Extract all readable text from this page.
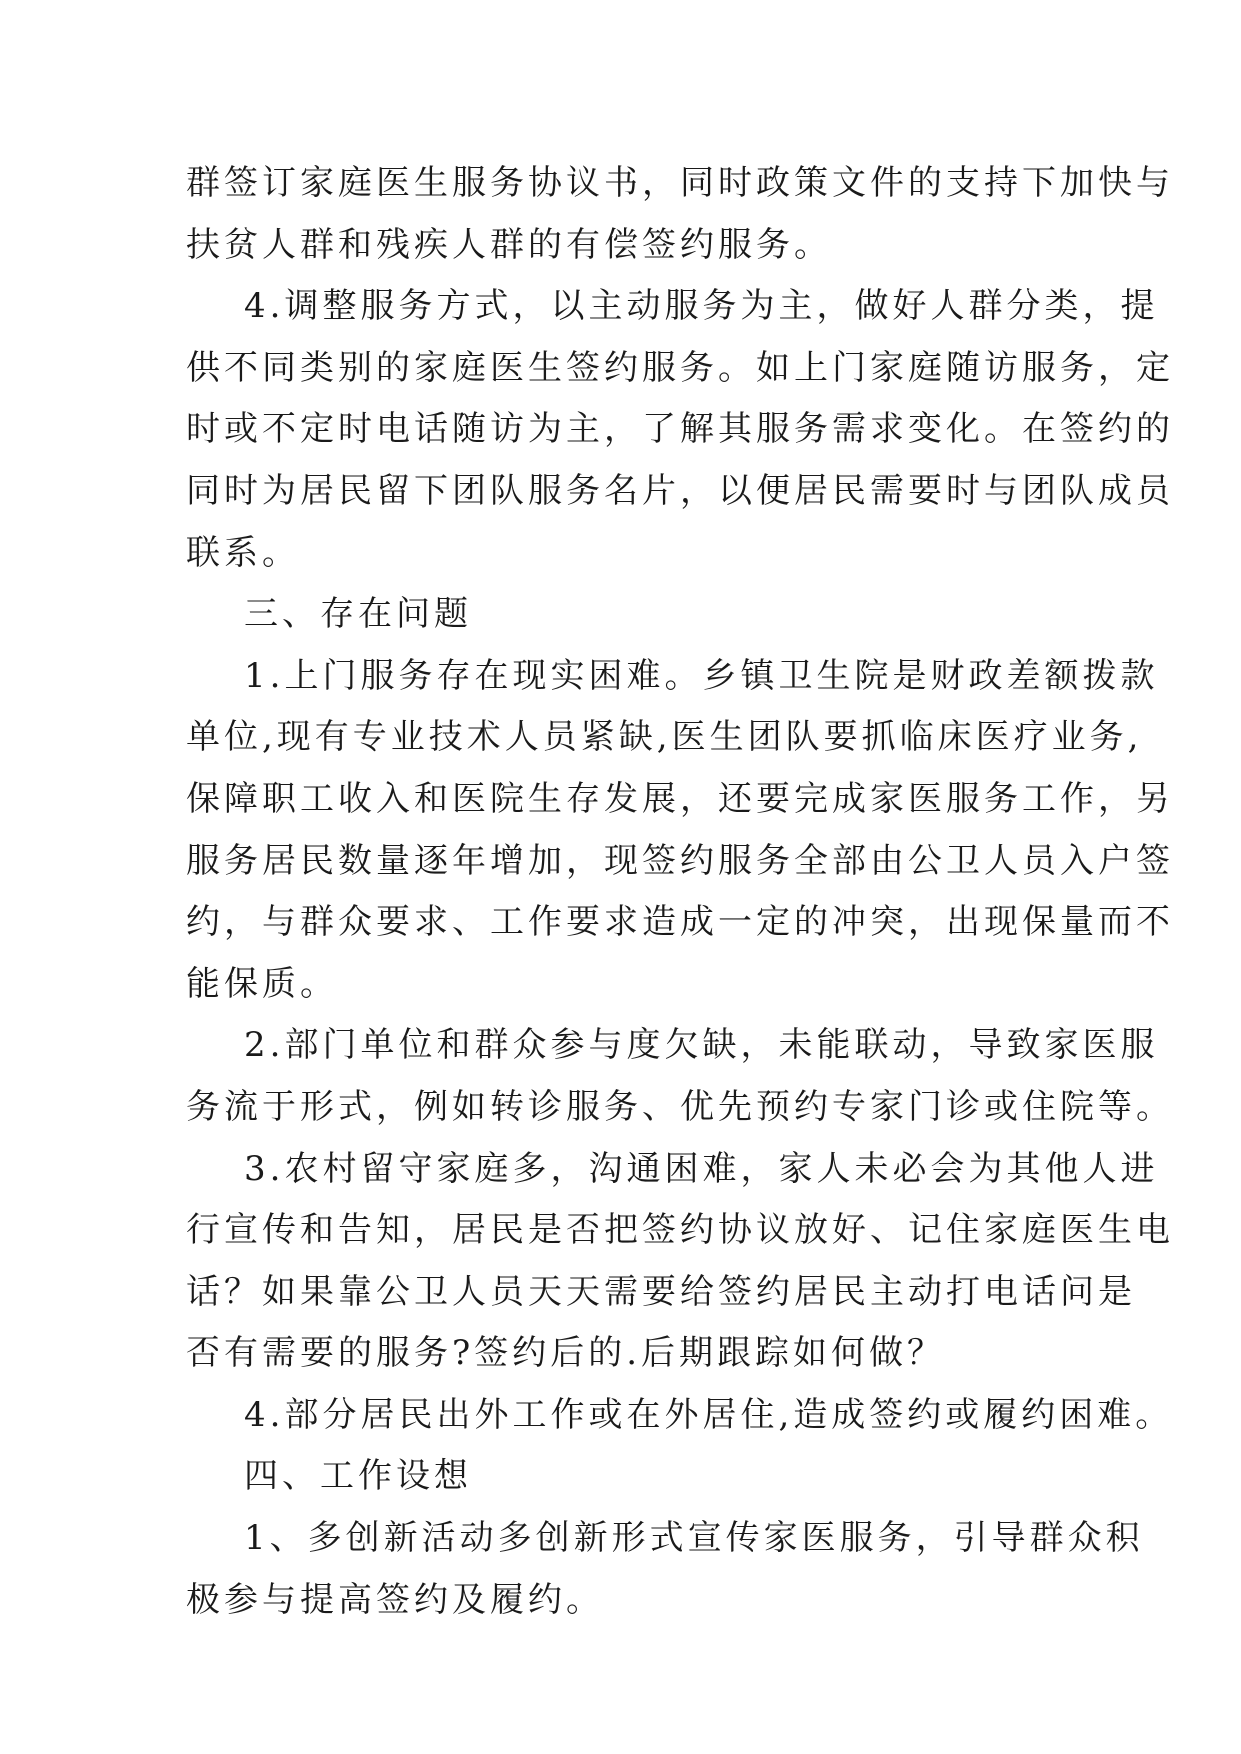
群签订家庭医生服务协议书，同时政策文件的支持下加快与
扶贫人群和残疾人群的有偿签约服务。
4.调整服务方式，以主动服务为主，做好人群分类，提
供不同类别的家庭医生签约服务。如上门家庭随访服务，定
时或不定时电话随访为主，了解其服务需求变化。在签约的
同时为居民留下团队服务名片，以便居民需要时与团队成员
联系。
三、存在问题
1.上门服务存在现实困难。乡镇卫生院是财政差额拨款
单位,现有专业技术人员紧缺,医生团队要抓临床医疗业务,
保障职工收入和医院生存发展，还要完成家医服务工作，另
服务居民数量逐年增加，现签约服务全部由公卫人员入户签
约，与群众要求、工作要求造成一定的冲突，出现保量而不
能保质。
2.部门单位和群众参与度欠缺，未能联动，导致家医服
务流于形式，例如转诊服务、优先预约专家门诊或住院等。
3.农村留守家庭多，沟通困难，家人未必会为其他人进
行宣传和告知，居民是否把签约协议放好、记住家庭医生电
话？如果靠公卫人员天天需要给签约居民主动打电话问是
否有需要的服务?签约后的.后期跟踪如何做？
4.部分居民出外工作或在外居住,造成签约或履约困难。
四、工作设想
1、多创新活动多创新形式宣传家医服务，引导群众积
极参与提高签约及履约。
